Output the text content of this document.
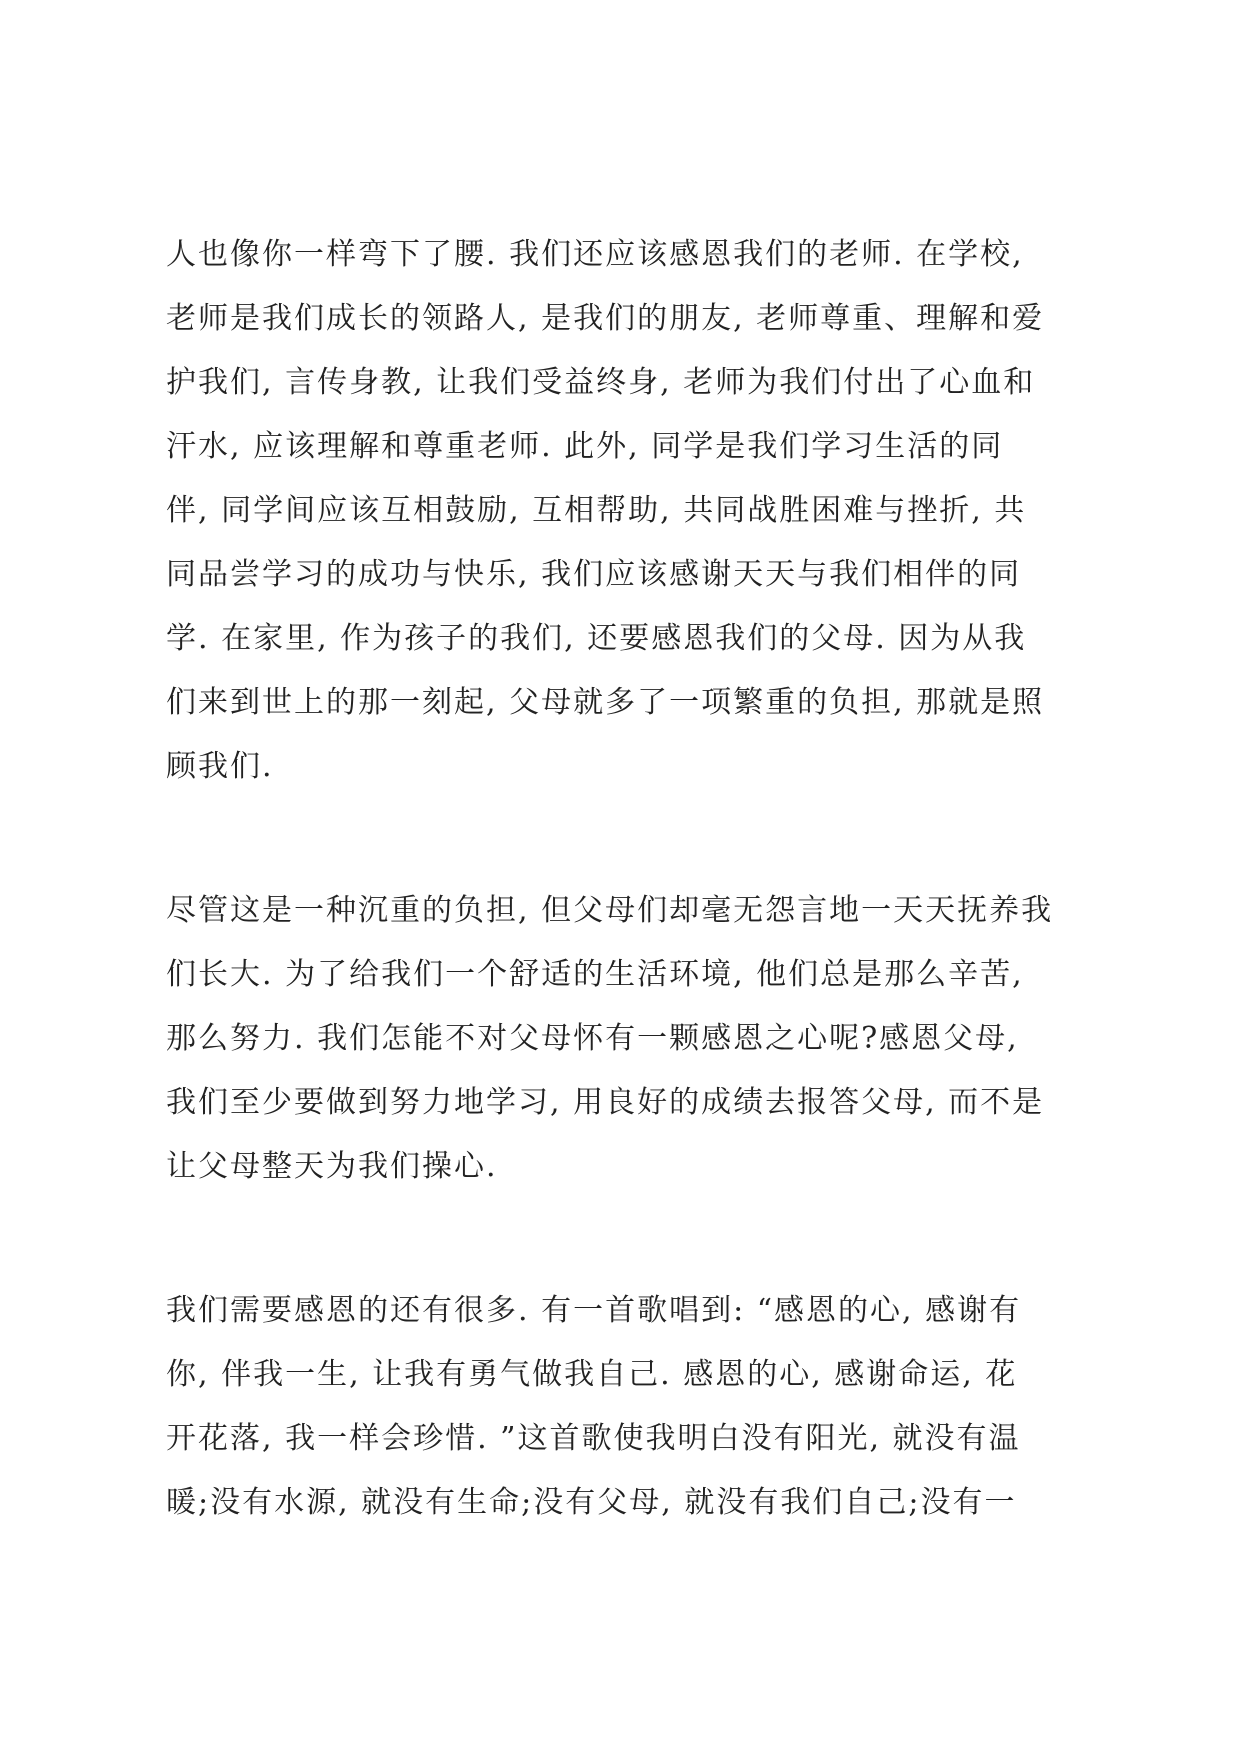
人也像你一样弯下了腰. 我们还应该感恩我们的老师. 在学校,
老师是我们成长的领路人, 是我们的朋友, 老师尊重、理解和爱
护我们, 言传身教, 让我们受益终身, 老师为我们付出了心血和
汗水, 应该理解和尊重老师. 此外, 同学是我们学习生活的同
伴, 同学间应该互相鼓励, 互相帮助, 共同战胜困难与挫折, 共
同品尝学习的成功与快乐, 我们应该感谢天天与我们相伴的同
学. 在家里, 作为孩子的我们, 还要感恩我们的父母. 因为从我
们来到世上的那一刻起, 父母就多了一项繁重的负担, 那就是照
顾我们.
尽管这是一种沉重的负担, 但父母们却毫无怨言地一天天抚养我
们长大. 为了给我们一个舒适的生活环境, 他们总是那么辛苦,
那么努力. 我们怎能不对父母怀有一颗感恩之心呢?感恩父母,
我们至少要做到努力地学习, 用良好的成绩去报答父母, 而不是
让父母整天为我们操心.
我们需要感恩的还有很多. 有一首歌唱到: “感恩的心, 感谢有
你, 伴我一生, 让我有勇气做我自己. 感恩的心, 感谢命运, 花
开花落, 我一样会珍惜. ”这首歌使我明白没有阳光, 就没有温
暖;没有水源, 就没有生命;没有父母, 就没有我们自己;没有一
